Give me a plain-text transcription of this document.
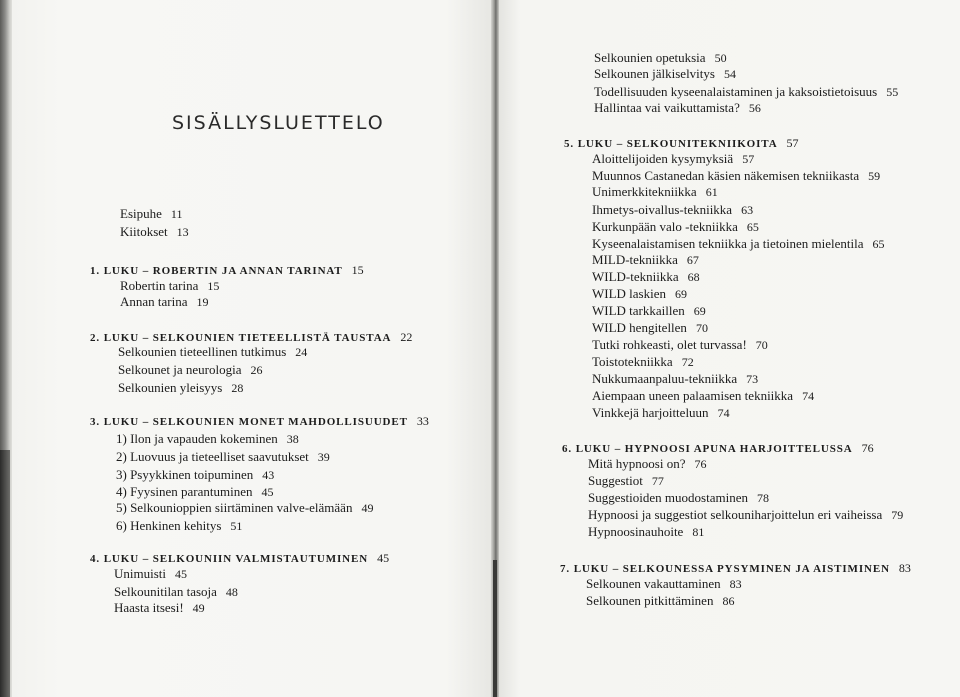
SISÄLLYSLUETTELO
Esipuhe 11
Kiitokset 13
1. LUKU – ROBERTIN JA ANNAN TARINAT 15
Robertin tarina 15
Annan tarina 19
2. LUKU – SELKOUNIEN TIETEELLISTÄ TAUSTAA 22
Selkounien tieteellinen tutkimus 24
Selkounet ja neurologia 26
Selkounien yleisyys 28
3. LUKU – SELKOUNIEN MONET MAHDOLLISUUDET 33
1) Ilon ja vapauden kokeminen 38
2) Luovuus ja tieteelliset saavutukset 39
3) Psyykkinen toipuminen 43
4) Fyysinen parantuminen 45
5) Selkounioppien siirtäminen valve-elämään 49
6) Henkinen kehitys 51
4. LUKU – SELKOUNIIN VALMISTAUTUMINEN 45
Unimuisti 45
Selkounitilan tasoja 48
Haasta itsesi! 49
Selkounien opetuksia 50
Selkounen jälkiselvitys 54
Todellisuuden kyseenalaistaminen ja kaksoistietoisuus 55
Hallintaa vai vaikuttamista? 56
5. LUKU – SELKOUNITEKNIIKOITA 57
Aloittelijoiden kysymyksiä 57
Muunnos Castanedan käsien näkemisen tekniikasta 59
Unimerkkitekniikka 61
Ihmetys-oivallus-tekniikka 63
Kurkunpään valo -tekniikka 65
Kyseenalaistamisen tekniikka ja tietoinen mielentila 65
MILD-tekniikka 67
WILD-tekniikka 68
WILD laskien 69
WILD tarkkaillen 69
WILD hengitellen 70
Tutki rohkeasti, olet turvassa! 70
Toistotekniikka 72
Nukkumaanpaluu-tekniikka 73
Aiempaan uneen palaamisen tekniikka 74
Vinkkejä harjoitteluun 74
6. LUKU – HYPNOOSI APUNA HARJOITTELUSSA 76
Mitä hypnoosi on? 76
Suggestiot 77
Suggestioiden muodostaminen 78
Hypnoosi ja suggestiot selkouniharjoittelun eri vaiheissa 79
Hypnoosinauhoite 81
7. LUKU – SELKOUNESSA PYSYMINEN JA AISTIMINEN 83
Selkounen vakauttaminen 83
Selkounen pitkittäminen 86
